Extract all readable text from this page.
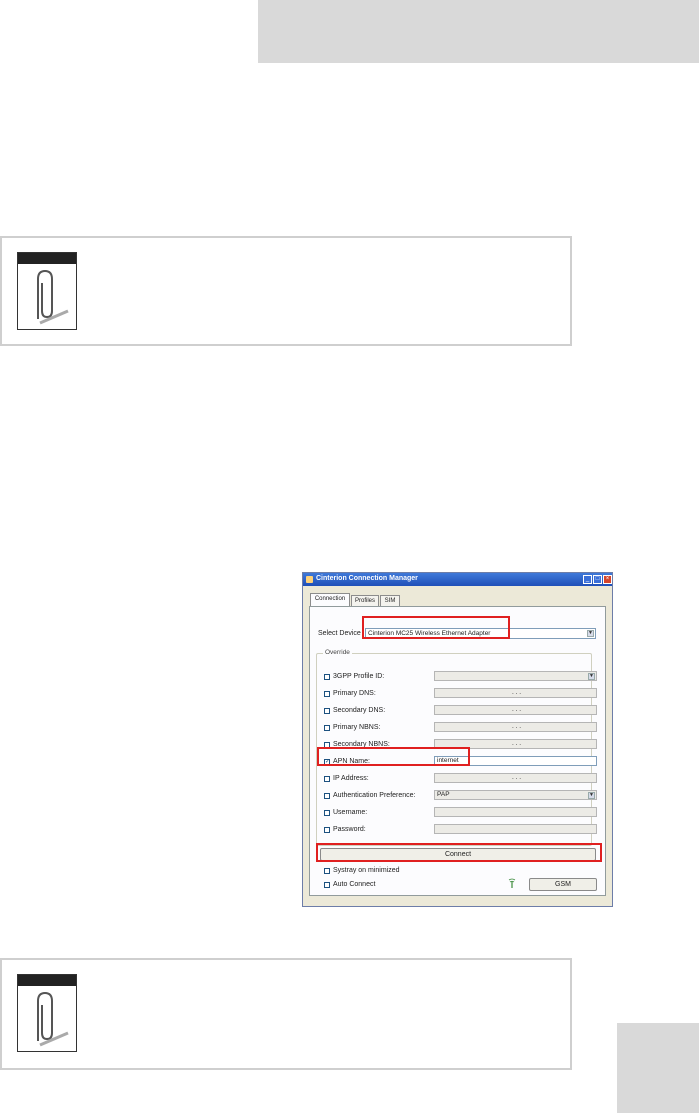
Cinterion Connection Manager	_	□	×
Connection	Profiles	SIM
Select Device	Cinterion MC25 Wireless Ethernet Adapter	▼
Override
3GPP Profile ID:	▼
Primary DNS:	. . .
Secondary DNS:	. . .
Primary NBNS:	. . .
Secondary NBNS:	. . .
✓ APN Name:	internet
IP Address:	. . .
Authentication Preference:	PAP	▼
Username:
Password:
Connect
Systray on minimized
Auto Connect	GSM
